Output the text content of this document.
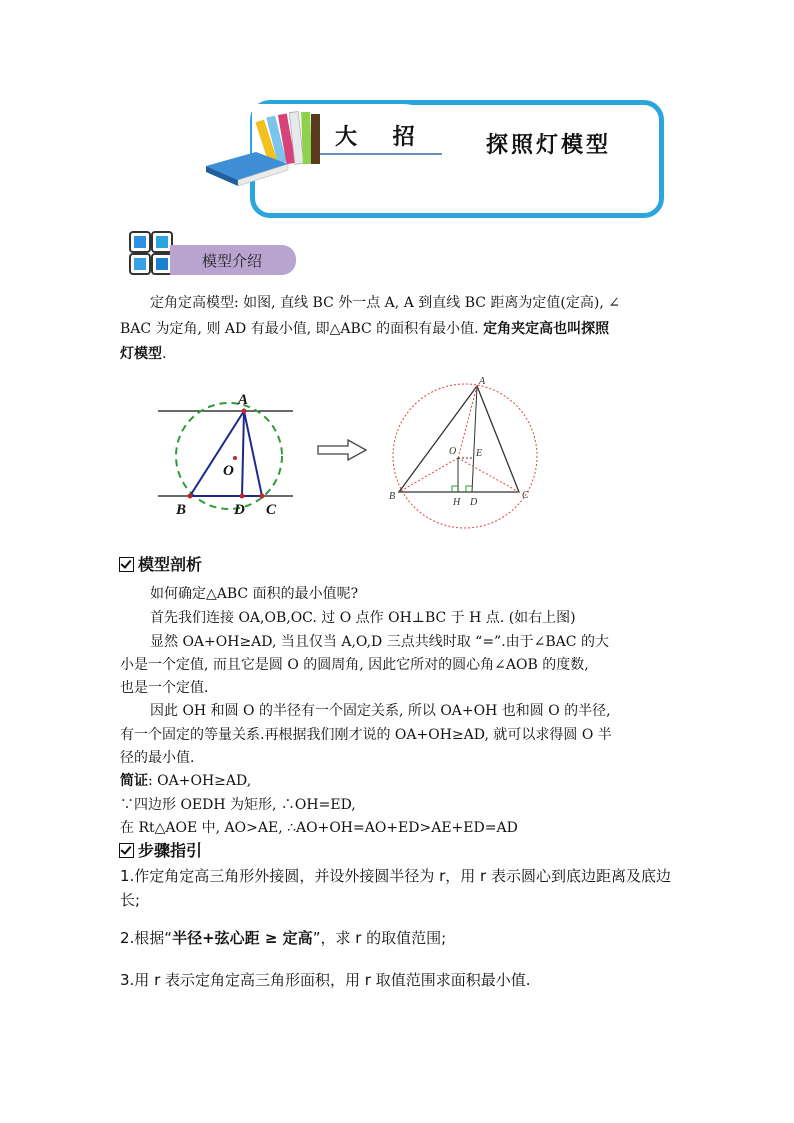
大 招	探照灯模型
模型介绍
定角定高模型: 如图, 直线 BC 外一点 A, A 到直线 BC 距离为定值(定高), ∠
BAC 为定角, 则 AD 有最小值, 即△ABC 的面积有最小值. 定角夹定高也叫探照
灯模型.
A
O
B	D C
A
O E
B
H D
C
模型剖析
如何确定△ABC 面积的最小值呢?
首先我们连接 OA,OB,OC. 过 O 点作 OH⊥BC 于 H 点. (如右上图)
显然 OA+OH≥AD, 当且仅当 A,O,D 三点共线时取 “=”.由于∠BAC 的大
小是一个定值, 而且它是圆 O 的圆周角, 因此它所对的圆心角∠AOB 的度数,
也是一个定值.
因此 OH 和圆 O 的半径有一个固定关系, 所以 OA+OH 也和圆 O 的半径,
有一个固定的等量关系.再根据我们刚才说的 OA+OH≥AD, 就可以求得圆 O 半
径的最小值.
简证: OA+OH≥AD,
∵四边形 OEDH 为矩形, ∴OH=ED,
在 Rt△AOE 中, AO>AE, ∴AO+OH=AO+ED>AE+ED=AD
步骤指引
1.作定角定高三角形外接圆，并设外接圆半径为 r，用 r 表示圆心到底边距离及底边长;
2.根据“半径+弦心距 ≥ 定高”，求 r 的取值范围;
3.用 r 表示定角定高三角形面积，用 r 取值范围求面积最小值.
